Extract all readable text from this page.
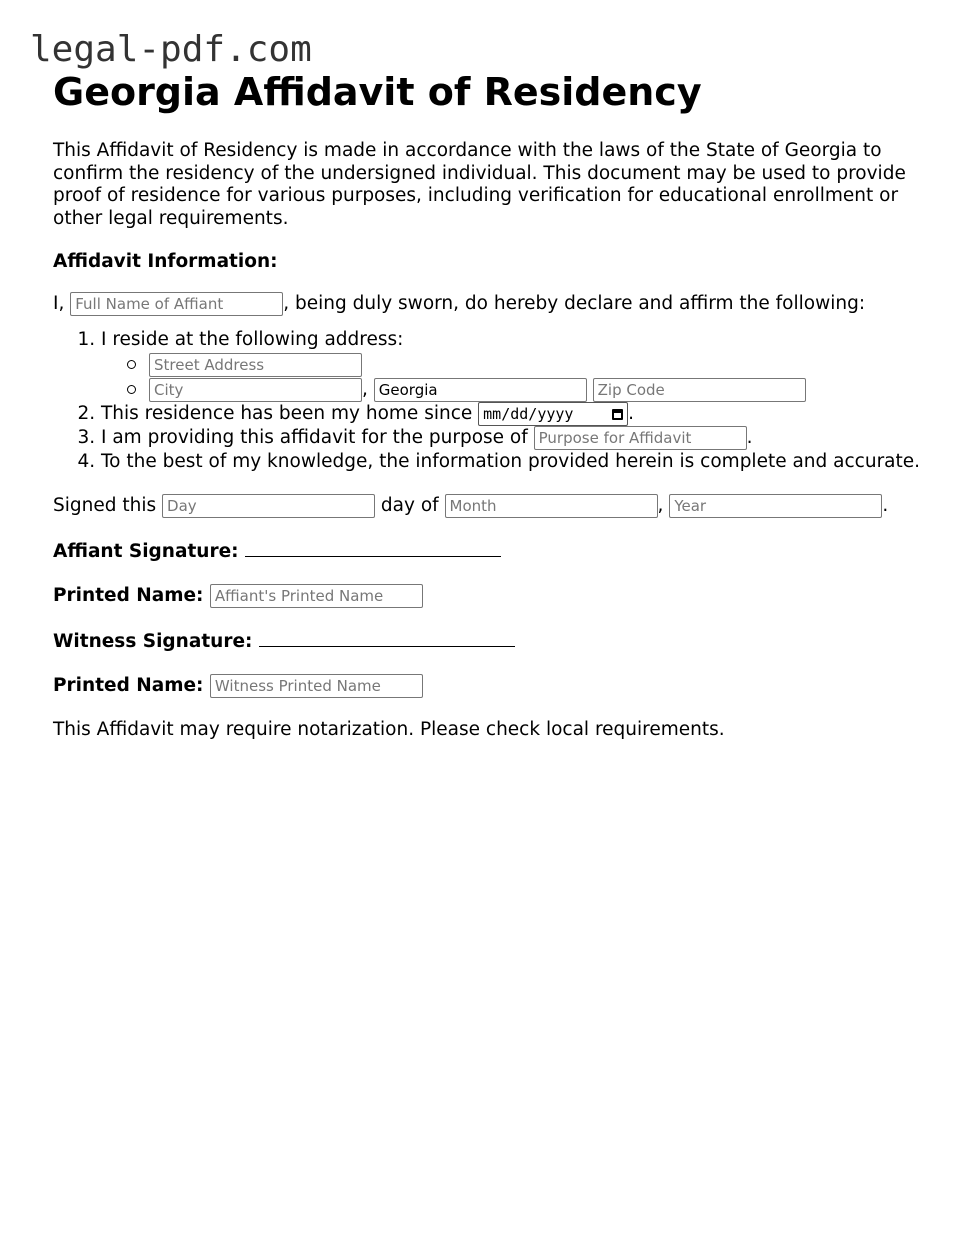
legal-pdf.com
Georgia Affidavit of Residency

This Affidavit of Residency is made in accordance with the laws of the State of Georgia to confirm the residency of the undersigned individual. This document may be used to provide proof of residence for various purposes, including verification for educational enrollment or other legal requirements.

Affidavit Information:
I, Full Name of Affiant	, being duly sworn, do hereby declare and affirm the following:
1. I reside at the following address:
Street Address
City , Georgia Zip Code
2. This residence has been my home since mm/dd/yyyy	.
3. I am providing this affidavit for the purpose of Purpose for Affidavit	.
4. To the best of my knowledge, the information provided herein is complete and accurate.
Signed this Day	day of Month	, Year	.
Affiant Signature:
Printed Name: Affiant's Printed Name
Witness Signature:
Printed Name: Witness Printed Name
This Affidavit may require notarization. Please check local requirements.
